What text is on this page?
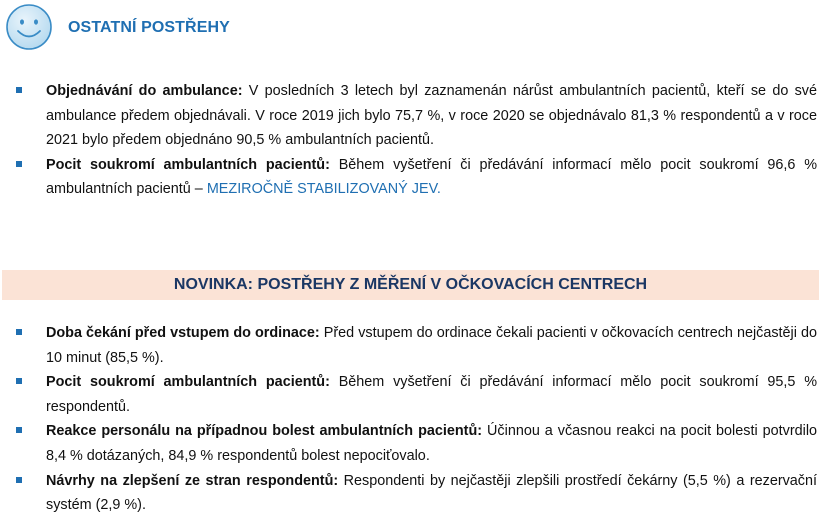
OSTATNÍ POSTŘEHY
Objednávání do ambulance: V posledních 3 letech byl zaznamenán nárůst ambulantních pacientů, kteří se do své ambulance předem objednávali. V roce 2019 jich bylo 75,7 %, v roce 2020 se objednávalo 81,3 % respondentů a v roce 2021 bylo předem objednáno 90,5 % ambulantních pacientů.
Pocit soukromí ambulantních pacientů: Během vyšetření či předávání informací mělo pocit soukromí 96,6 % ambulantních pacientů – MEZIROČNĚ STABILIZOVANÝ JEV.
NOVINKA: POSTŘEHY Z MĚŘENÍ V OČKOVACÍCH CENTRECH
Doba čekání před vstupem do ordinace: Před vstupem do ordinace čekali pacienti v očkovacích centrech nejčastěji do 10 minut (85,5 %).
Pocit soukromí ambulantních pacientů: Během vyšetření či předávání informací mělo pocit soukromí 95,5 % respondentů.
Reakce personálu na případnou bolest ambulantních pacientů: Účinnou a včasnou reakci na pocit bolesti potvrdilo 8,4 % dotázaných, 84,9 % respondentů bolest nepociťovalo.
Návrhy na zlepšení ze stran respondentů: Respondenti by nejčastěji zlepšili prostředí čekárny (5,5 %) a rezervační systém (2,9 %).
